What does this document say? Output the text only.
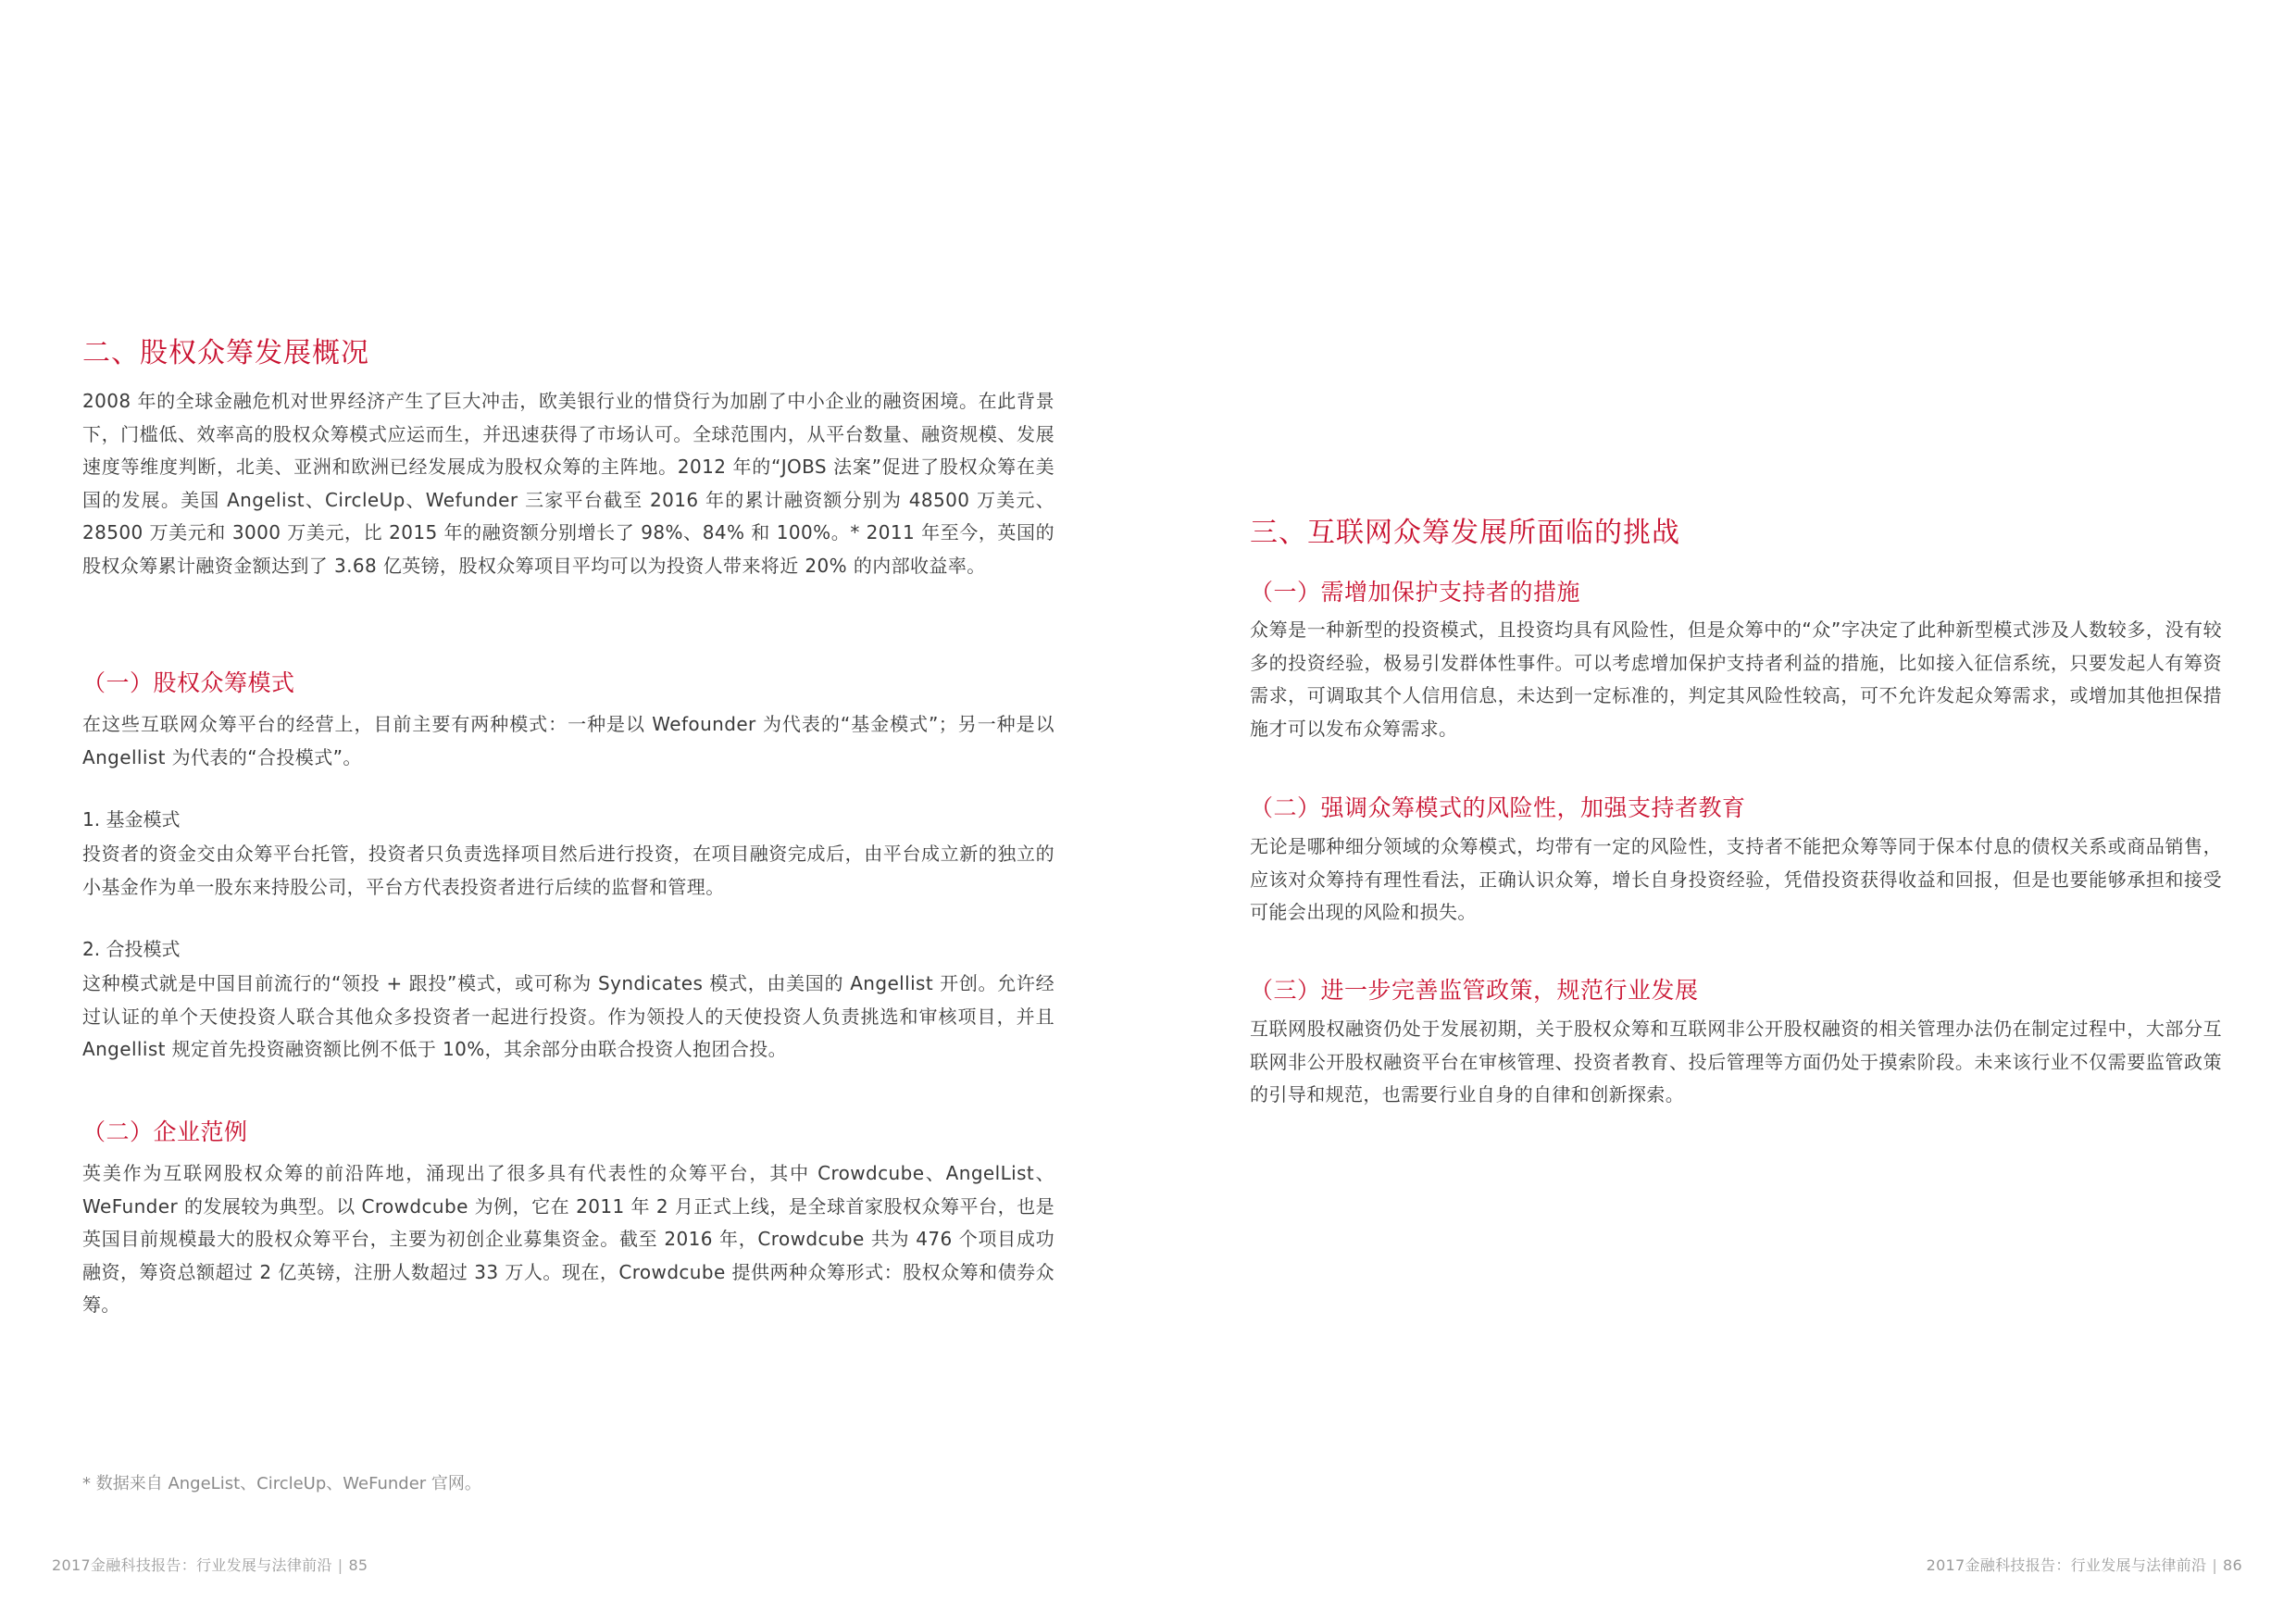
二、股权众筹发展概况

2008 年的全球金融危机对世界经济产生了巨大冲击，欧美银行业的惜贷行为加剧了中小企业的融资困境。在此背景下，门槛低、效率高的股权众筹模式应运而生，并迅速获得了市场认可。全球范围内，从平台数量、融资规模、发展速度等维度判断，北美、亚洲和欧洲已经发展成为股权众筹的主阵地。2012 年的“JOBS 法案”促进了股权众筹在美国的发展。美国 Angelist、CircleUp、Wefunder 三家平台截至 2016 年的累计融资额分别为 48500 万美元、28500 万美元和 3000 万美元，比 2015 年的融资额分别增长了 98%、84% 和 100%。* 2011 年至今，英国的股权众筹累计融资金额达到了 3.68 亿英镑，股权众筹项目平均可以为投资人带来将近 20% 的内部收益率。

（一）股权众筹模式

在这些互联网众筹平台的经营上，目前主要有两种模式：一种是以 Wefounder 为代表的“基金模式”；另一种是以 Angellist 为代表的“合投模式”。

1. 基金模式

投资者的资金交由众筹平台托管，投资者只负责选择项目然后进行投资，在项目融资完成后，由平台成立新的独立的小基金作为单一股东来持股公司，平台方代表投资者进行后续的监督和管理。

2. 合投模式

这种模式就是中国目前流行的“领投 + 跟投”模式，或可称为 Syndicates 模式，由美国的 Angellist 开创。允许经过认证的单个天使投资人联合其他众多投资者一起进行投资。作为领投人的天使投资人负责挑选和审核项目，并且 Angellist 规定首先投资融资额比例不低于 10%，其余部分由联合投资人抱团合投。

（二）企业范例

英美作为互联网股权众筹的前沿阵地，涌现出了很多具有代表性的众筹平台，其中 Crowdcube、AngelList、WeFunder 的发展较为典型。以 Crowdcube 为例，它在 2011 年 2 月正式上线，是全球首家股权众筹平台，也是英国目前规模最大的股权众筹平台，主要为初创企业募集资金。截至 2016 年，Crowdcube 共为 476 个项目成功融资，筹资总额超过 2 亿英镑，注册人数超过 33 万人。现在，Crowdcube 提供两种众筹形式：股权众筹和债券众筹。

三、互联网众筹发展所面临的挑战
（一）需增加保护支持者的措施

众筹是一种新型的投资模式，且投资均具有风险性，但是众筹中的“众”字决定了此种新型模式涉及人数较多，没有较多的投资经验，极易引发群体性事件。可以考虑增加保护支持者利益的措施，比如接入征信系统，只要发起人有筹资需求，可调取其个人信用信息，未达到一定标准的，判定其风险性较高，可不允许发起众筹需求，或增加其他担保措施才可以发布众筹需求。

（二）强调众筹模式的风险性，加强支持者教育

无论是哪种细分领域的众筹模式，均带有一定的风险性，支持者不能把众筹等同于保本付息的债权关系或商品销售，应该对众筹持有理性看法，正确认识众筹，增长自身投资经验，凭借投资获得收益和回报，但是也要能够承担和接受可能会出现的风险和损失。

（三）进一步完善监管政策，规范行业发展

互联网股权融资仍处于发展初期，关于股权众筹和互联网非公开股权融资的相关管理办法仍在制定过程中，大部分互联网非公开股权融资平台在审核管理、投资者教育、投后管理等方面仍处于摸索阶段。未来该行业不仅需要监管政策的引导和规范，也需要行业自身的自律和创新探索。

* 数据来自 AngeList、CircleUp、WeFunder 官网。
2017金融科技报告：行业发展与法律前沿 | 85	2017金融科技报告：行业发展与法律前沿 | 86
